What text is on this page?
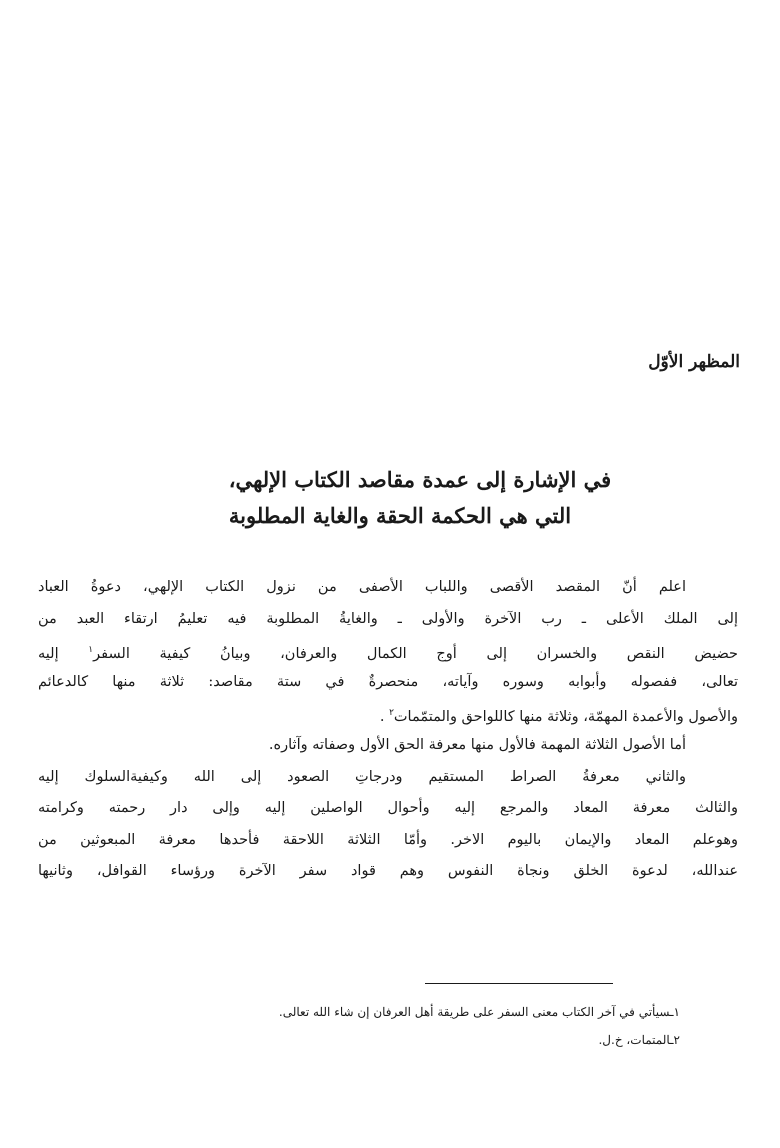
المظهر الأوّل
في الإشارة إلى عمدة مقاصد الكتاب الإلهي،
التي هي الحكمة الحقة والغاية المطلوبة
اعلم أنّ المقصد الأقصى واللباب الأصفى من نزول الكتاب الإلهي، دعوةُ العباد
إلى الملك الأعلى ـ رب الآخرة والأولى ـ والغايةُ المطلوبة فيه تعليمُ ارتقاء العبد من
حضيض النقص والخسران إلى أوج الكمال والعرفان، وبيانُ كيفية السفر$^١$ إليه
تعالى، ففصوله وأبوابه وسوره وآياته، منحصرةٌ في ستة مقاصد: ثلاثة منها كالدعائم
والأصول والأعمدة المهمّة، وثلاثة منها كاللواحق والمتمّمات$^٢$ .
أما الأصول الثلاثة المهمة فالأول منها معرفة الحق الأول وصفاته وآثاره.
والثاني معرفةُ الصراط المستقيم ودرجاتِ الصعود إلى الله وكيفيةالسلوك إليه
والثالث معرفة المعاد والمرجع إليه وأحوال الواصلين إليه وإلى دار رحمته وكرامته
وهوعلم المعاد والإيمان باليوم الاخر. وأمّا الثلاثة اللاحقة فأحدها معرفة المبعوثين من
عندالله، لدعوة الخلق ونجاة النفوس وهم قواد سفر الآخرة ورؤساء القوافل، وثانيها
١ـسيأتي في آخر الكتاب معنى السفر على طريقة أهل العرفان إن شاء الله تعالى.
٢ـالمتمات، خ.ل.
